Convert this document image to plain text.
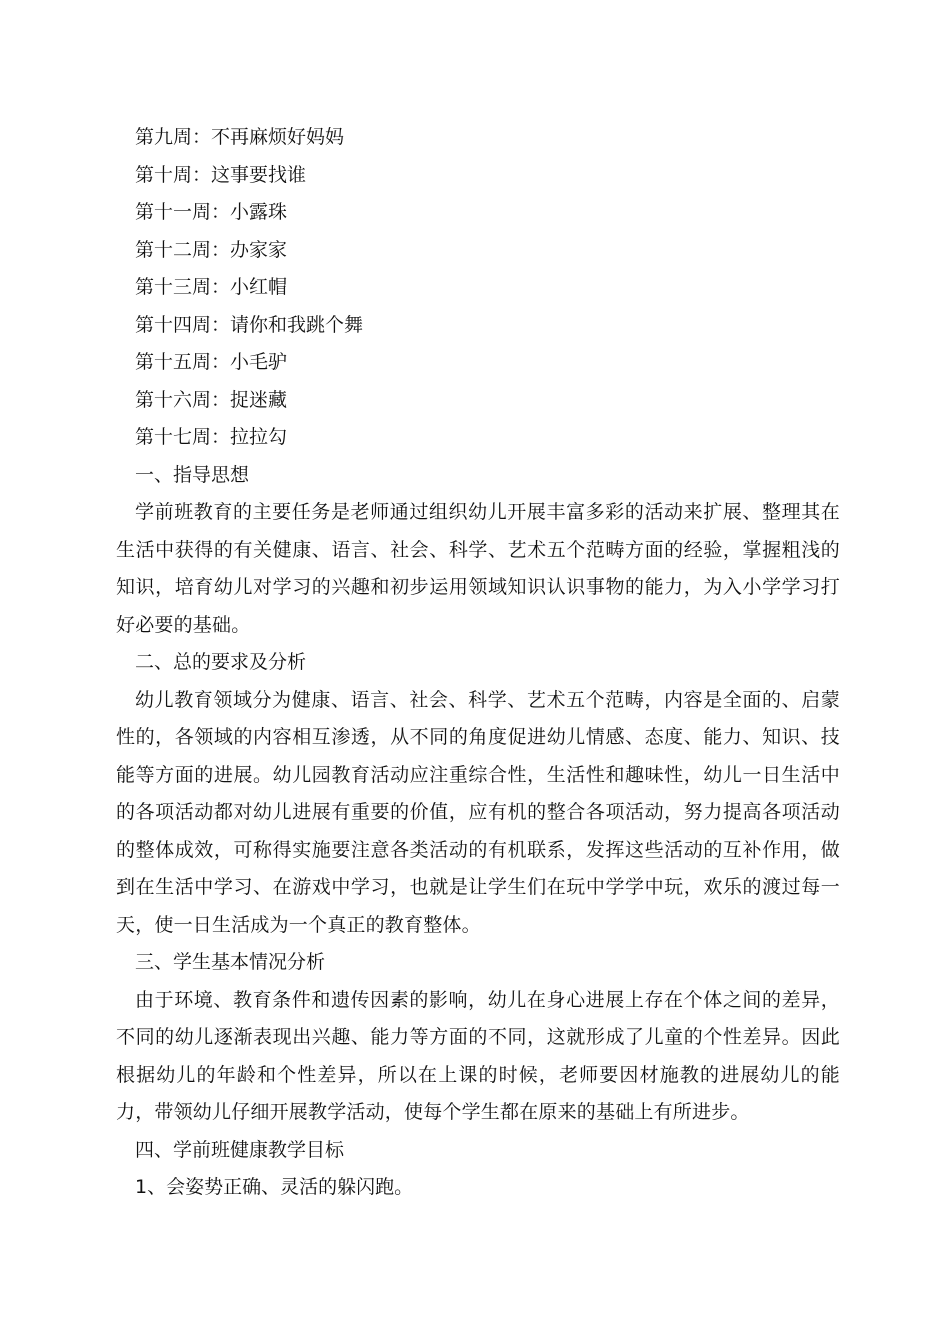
第九周：不再麻烦好妈妈
第十周：这事要找谁
第十一周：小露珠
第十二周：办家家
第十三周：小红帽
第十四周：请你和我跳个舞
第十五周：小毛驴
第十六周：捉迷藏
第十七周：拉拉勾
一、指导思想

学前班教育的主要任务是老师通过组织幼儿开展丰富多彩的活动来扩展、整理其在生活中获得的有关健康、语言、社会、科学、艺术五个范畴方面的经验，掌握粗浅的知识，培育幼儿对学习的兴趣和初步运用领域知识认识事物的能力，为入小学学习打好必要的基础。

二、总的要求及分析

幼儿教育领域分为健康、语言、社会、科学、艺术五个范畴，内容是全面的、启蒙性的，各领域的内容相互渗透，从不同的角度促进幼儿情感、态度、能力、知识、技能等方面的进展。幼儿园教育活动应注重综合性，生活性和趣味性，幼儿一日生活中的各项活动都对幼儿进展有重要的价值，应有机的整合各项活动，努力提高各项活动的整体成效，可称得实施要注意各类活动的有机联系，发挥这些活动的互补作用，做到在生活中学习、在游戏中学习，也就是让学生们在玩中学学中玩，欢乐的渡过每一天，使一日生活成为一个真正的教育整体。

三、学生基本情况分析

由于环境、教育条件和遗传因素的影响，幼儿在身心进展上存在个体之间的差异，不同的幼儿逐渐表现出兴趣、能力等方面的不同，这就形成了儿童的个性差异。因此根据幼儿的年龄和个性差异，所以在上课的时候，老师要因材施教的进展幼儿的能力，带领幼儿仔细开展教学活动，使每个学生都在原来的基础上有所进步。

四、学前班健康教学目标
1、会姿势正确、灵活的躲闪跑。
